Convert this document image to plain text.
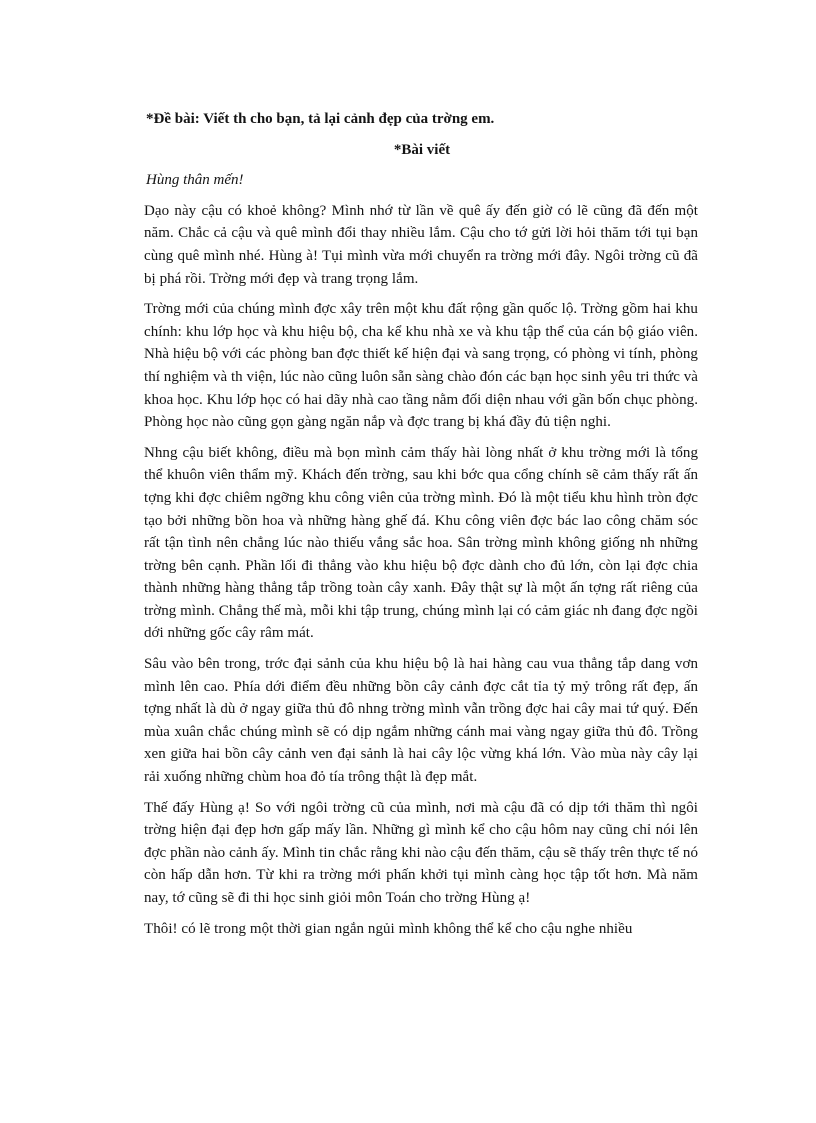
*Đề bài: Viết th cho bạn, tả lại cảnh đẹp của trờng em.

*Bài viết

Hùng thân mến!

Dạo này cậu có khoẻ không? Mình nhớ từ lần về quê ấy đến giờ có lẽ cũng đã đến một năm. Chắc cả cậu và quê mình đổi thay nhiều lắm. Cậu cho tớ gửi lời hỏi thăm tới tụi bạn cùng quê mình nhé. Hùng à! Tụi mình vừa mới chuyển ra trờng mới đây. Ngôi trờng cũ đã bị phá rồi. Trờng mới đẹp và trang trọng lắm.

Trờng mới của chúng mình đợc xây trên một khu đất rộng gần quốc lộ. Trờng gồm hai khu chính: khu lớp học và khu hiệu bộ, cha kể khu nhà xe và khu tập thể của cán bộ giáo viên. Nhà hiệu bộ với các phòng ban đợc thiết kế hiện đại và sang trọng, có phòng vi tính, phòng thí nghiệm và th viện, lúc nào cũng luôn sẵn sàng chào đón các bạn học sinh yêu tri thức và khoa học. Khu lớp học có hai dãy nhà cao tầng nằm đối diện nhau với gần bốn chục phòng. Phòng học nào cũng gọn gàng ngăn nắp và đợc trang bị khá đầy đủ tiện nghi.

Nhng cậu biết không, điều mà bọn mình cảm thấy hài lòng nhất ở khu trờng mới là tổng thể khuôn viên thẩm mỹ. Khách đến trờng, sau khi bớc qua cổng chính sẽ cảm thấy rất ấn tợng khi đợc chiêm ngỡng khu công viên của trờng mình. Đó là một tiểu khu hình tròn đợc tạo bởi những bồn hoa và những hàng ghế đá. Khu công viên đợc bác lao công chăm sóc rất tận tình nên chẳng lúc nào thiếu vắng sắc hoa. Sân trờng mình không giống nh những trờng bên cạnh. Phần lối đi thẳng vào khu hiệu bộ đợc dành cho đủ lớn, còn lại đợc chia thành những hàng thẳng tắp trồng toàn cây xanh. Đây thật sự là một ấn tợng rất riêng của trờng mình. Chẳng thế mà, mỗi khi tập trung, chúng mình lại có cảm giác nh đang đợc ngồi dới những gốc cây râm mát.

Sâu vào bên trong, trớc đại sảnh của khu hiệu bộ là hai hàng cau vua thẳng tắp dang vơn mình lên cao. Phía dới điểm đều những bồn cây cảnh đợc cắt tỉa tỷ mỷ trông rất đẹp, ấn tợng nhất là dù ở ngay giữa thủ đô nhng trờng mình vẫn trồng đợc hai cây mai tứ quý. Đến mùa xuân chắc chúng mình sẽ có dịp ngắm những cánh mai vàng ngay giữa thủ đô. Trồng xen giữa hai bồn cây cảnh ven đại sảnh là hai cây lộc vừng khá lớn. Vào mùa này cây lại rải xuống những chùm hoa đỏ tía trông thật là đẹp mắt.

Thế đấy Hùng ạ! So với ngôi trờng cũ của mình, nơi mà cậu đã có dịp tới thăm thì ngôi trờng hiện đại đẹp hơn gấp mấy lần. Những gì mình kể cho cậu hôm nay cũng chỉ nói lên đợc phần nào cảnh ấy. Mình tin chắc rằng khi nào cậu đến thăm, cậu sẽ thấy trên thực tế nó còn hấp dẫn hơn. Từ khi ra trờng mới phấn khởi tụi mình càng học tập tốt hơn. Mà năm nay, tớ cũng sẽ đi thi học sinh giỏi môn Toán cho trờng Hùng ạ!

Thôi! có lẽ trong một thời gian ngắn ngủi mình không thể kể cho cậu nghe nhiều
